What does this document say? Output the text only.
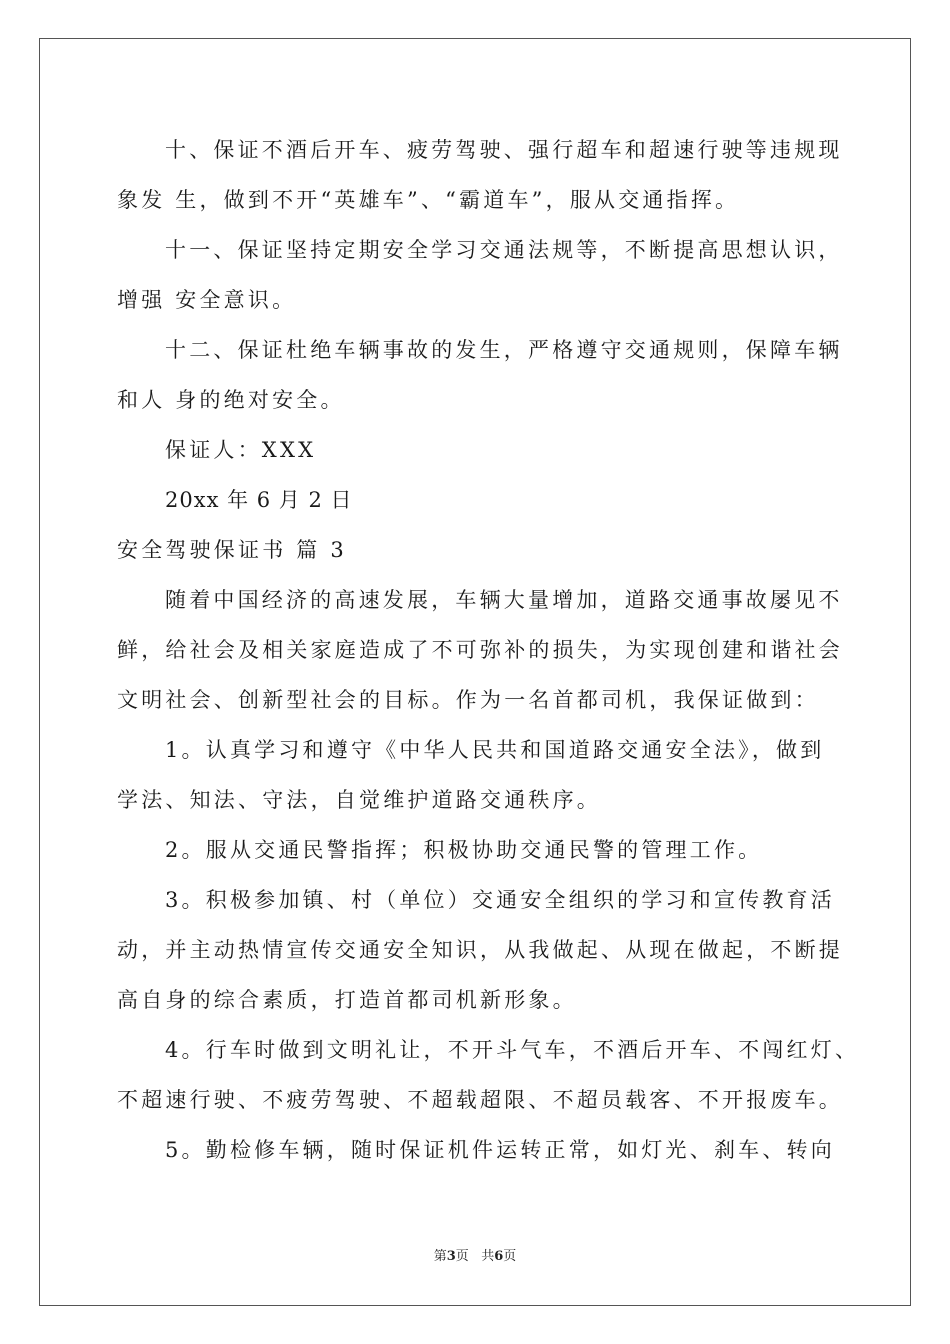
十、保证不酒后开车、疲劳驾驶、强行超车和超速行驶等违规现
象发 生，做到不开“英雄车”、“霸道车”，服从交通指挥。
十一、保证坚持定期安全学习交通法规等，不断提高思想认识，
增强 安全意识。
十二、保证杜绝车辆事故的发生，严格遵守交通规则，保障车辆
和人 身的绝对安全。
保证人：XXX
20xx 年 6 月 2 日
安全驾驶保证书 篇 3
随着中国经济的高速发展，车辆大量增加，道路交通事故屡见不
鲜，给社会及相关家庭造成了不可弥补的损失，为实现创建和谐社会
文明社会、创新型社会的目标。作为一名首都司机，我保证做到：
1。认真学习和遵守《中华人民共和国道路交通安全法》，做到
学法、知法、守法，自觉维护道路交通秩序。
2。服从交通民警指挥；积极协助交通民警的管理工作。
3。积极参加镇、村（单位）交通安全组织的学习和宣传教育活
动，并主动热情宣传交通安全知识，从我做起、从现在做起，不断提
高自身的综合素质，打造首都司机新形象。
4。行车时做到文明礼让，不开斗气车，不酒后开车、不闯红灯、
不超速行驶、不疲劳驾驶、不超载超限、不超员载客、不开报废车。
5。勤检修车辆，随时保证机件运转正常，如灯光、刹车、转向
第3页   共6页
